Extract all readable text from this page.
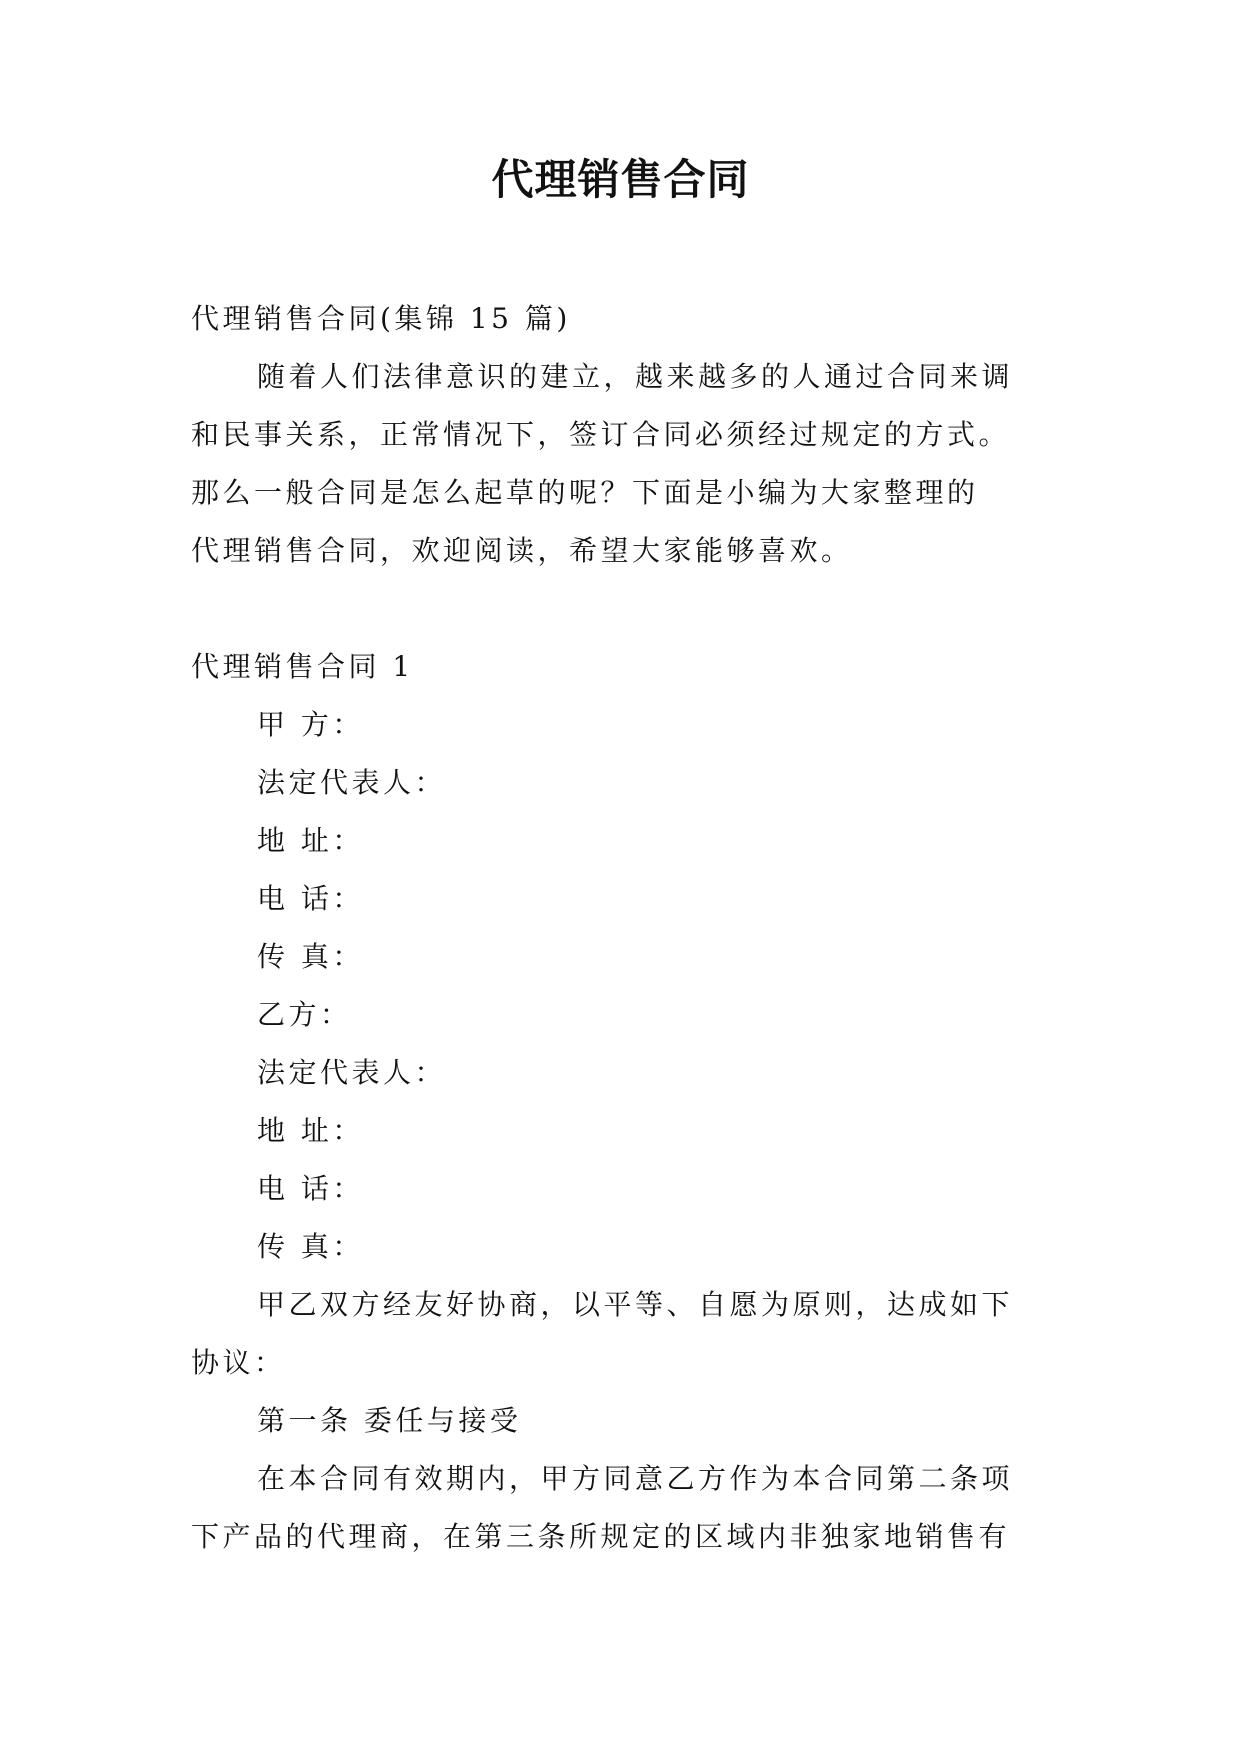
代理销售合同
代理销售合同(集锦 15 篇)
随着人们法律意识的建立，越来越多的人通过合同来调
和民事关系，正常情况下，签订合同必须经过规定的方式。
那么一般合同是怎么起草的呢？下面是小编为大家整理的
代理销售合同，欢迎阅读，希望大家能够喜欢。
代理销售合同 1
甲 方：
法定代表人：
地 址：
电 话：
传 真：
乙方：
法定代表人：
地 址：
电 话：
传 真：
甲乙双方经友好协商，以平等、自愿为原则，达成如下
协议：
第一条 委任与接受
在本合同有效期内，甲方同意乙方作为本合同第二条项
下产品的代理商，在第三条所规定的区域内非独家地销售有
